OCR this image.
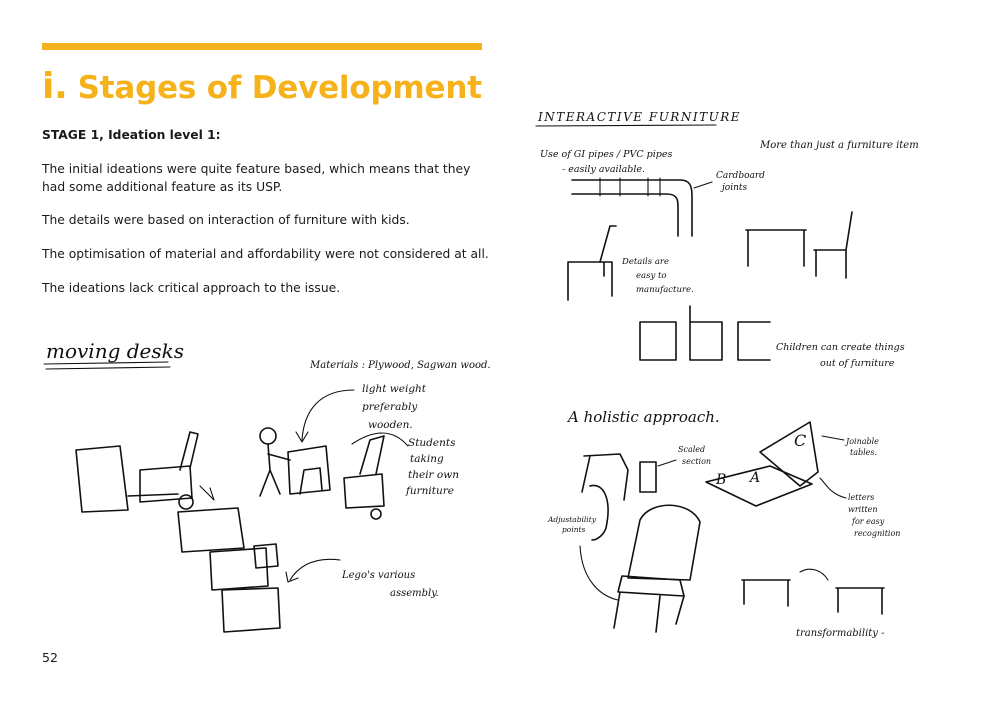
i. Stages of Development

STAGE 1, Ideation level 1:

The initial ideations were quite feature based, which means that they had some additional feature as its USP.

The details were based on interaction of furniture with kids.

The optimisation of material and affordability were not considered at all.

The ideations lack critical approach to the issue.

52
moving desks
Materials : Plywood, Sagwan wood.
light weight
preferably
wooden.
Students
taking
their own
furniture
Lego's various
assembly.
INTERACTIVE FURNITURE
More than just a furniture item
Use of GI pipes / PVC pipes
- easily available.
Cardboard
joints
Details are
easy to
manufacture.
Children can create things
out of furniture
A holistic approach.
Scaled
section
Adjustability
points
B A
C	Joinable
tables.
letters
written
for easy
recognition
transformability -
